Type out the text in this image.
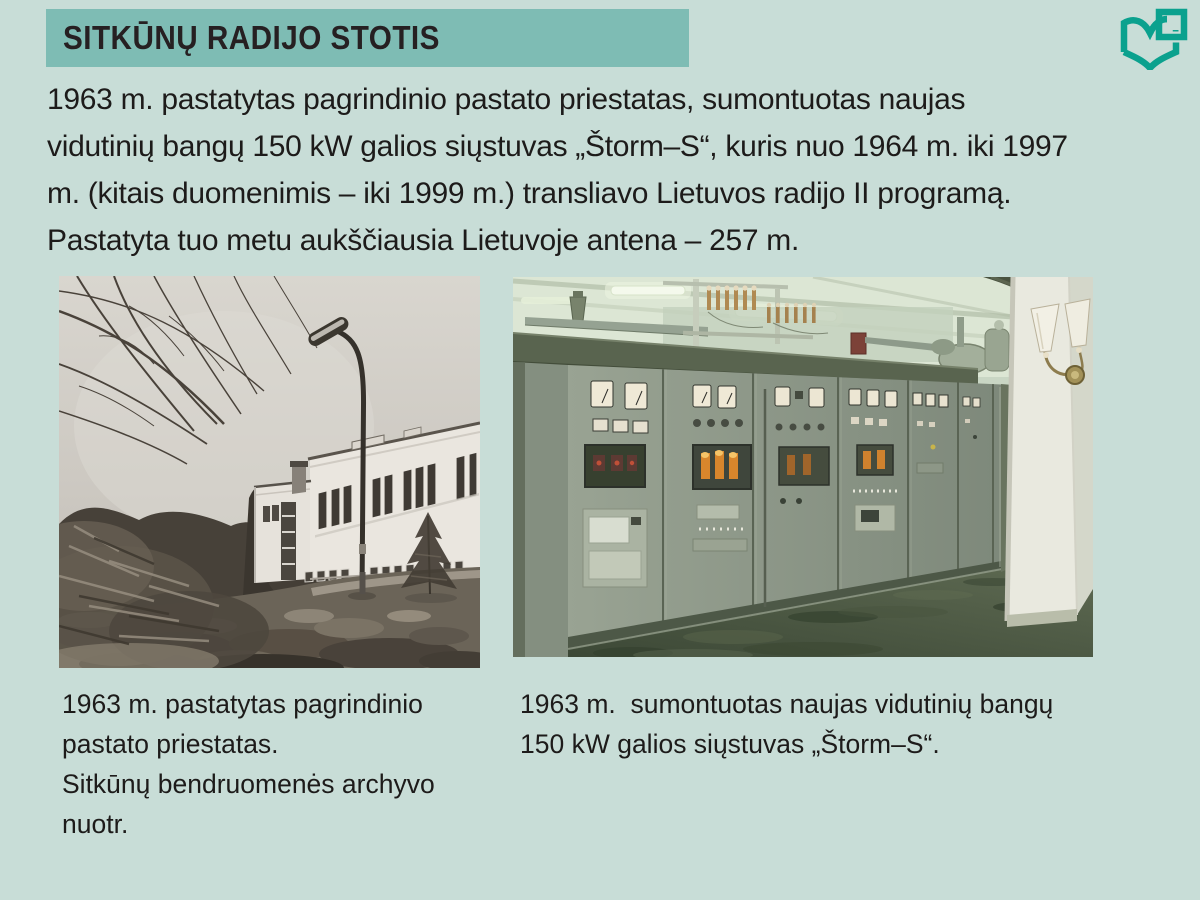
SITKŪNŲ RADIJO STOTIS
1963 m. pastatytas pagrindinio pastato priestatas, sumontuotas naujas
vidutinių bangų 150 kW galios siųstuvas „Štorm–S“, kuris nuo 1964 m. iki 1997
m. (kitais duomenimis – iki 1999 m.) transliavo Lietuvos radijo II programą.
Pastatyta tuo metu aukščiausia Lietuvoje antena – 257 m.
1963 m. pastatytas pagrindinio
pastato priestatas.
Sitkūnų bendruomenės archyvo
nuotr.
1963 m.  sumontuotas naujas vidutinių bangų
150 kW galios siųstuvas „Štorm–S“.
